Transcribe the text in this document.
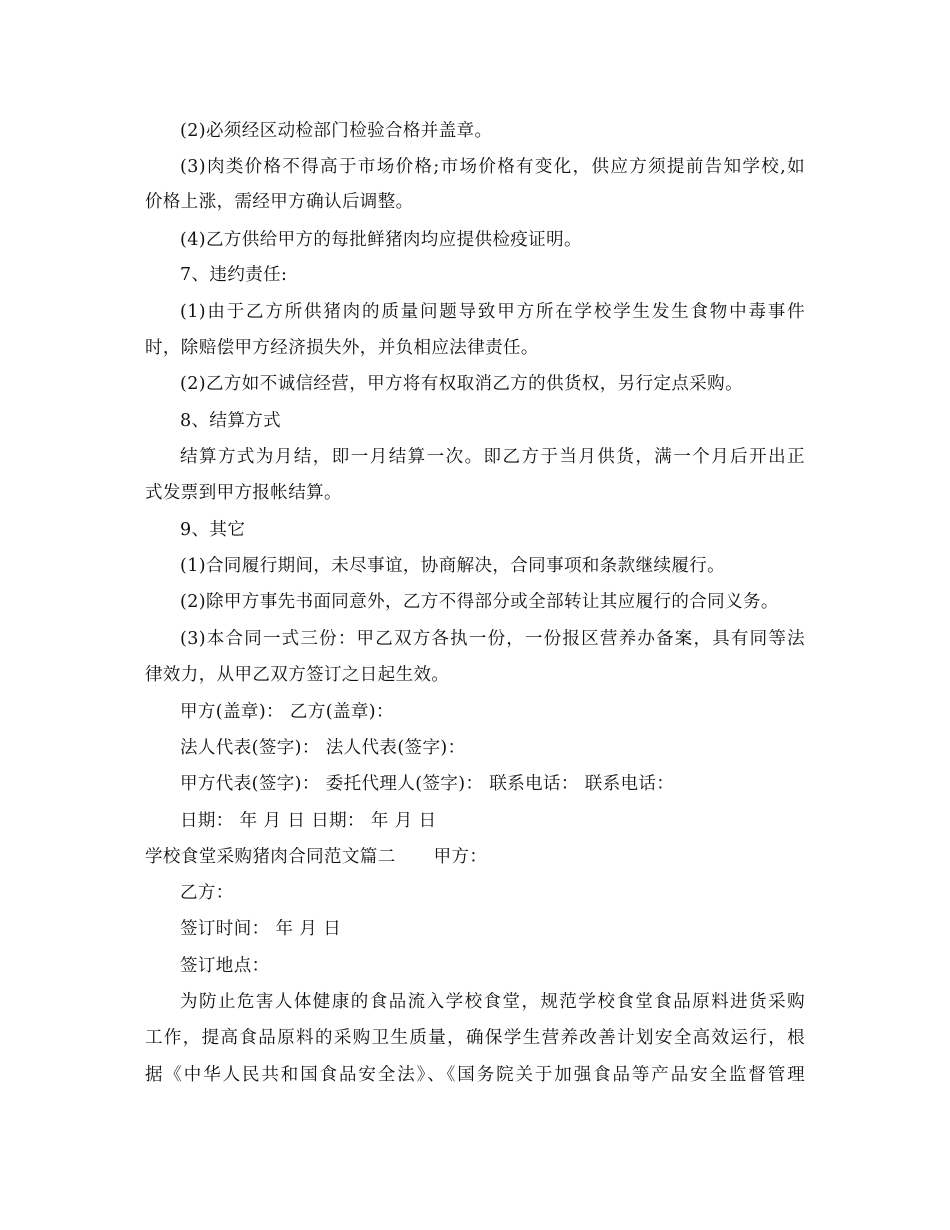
(2)必须经区动检部门检验合格并盖章。
(3)肉类价格不得高于市场价格;市场价格有变化，供应方须提前告知学校,如
价格上涨，需经甲方确认后调整。
(4)乙方供给甲方的每批鲜猪肉均应提供检疫证明。
7、违约责任:
(1)由于乙方所供猪肉的质量问题导致甲方所在学校学生发生食物中毒事件
时，除赔偿甲方经济损失外，并负相应法律责任。
(2)乙方如不诚信经营，甲方将有权取消乙方的供货权，另行定点采购。
8、结算方式
结算方式为月结，即一月结算一次。即乙方于当月供货，满一个月后开出正
式发票到甲方报帐结算。
9、其它
(1)合同履行期间，未尽事谊，协商解决，合同事项和条款继续履行。
(2)除甲方事先书面同意外，乙方不得部分或全部转让其应履行的合同义务。
(3)本合同一式三份：甲乙双方各执一份，一份报区营养办备案，具有同等法
律效力，从甲乙双方签订之日起生效。
甲方(盖章)： 乙方(盖章)：
法人代表(签字)： 法人代表(签字)：
甲方代表(签字)： 委托代理人(签字)： 联系电话： 联系电话：
日期： 年 月 日 日期： 年 月 日
学校食堂采购猪肉合同范文篇二 甲方：
乙方：
签订时间： 年 月 日
签订地点：
为防止危害人体健康的食品流入学校食堂，规范学校食堂食品原料进货采购
工作，提高食品原料的采购卫生质量，确保学生营养改善计划安全高效运行，根
据《中华人民共和国食品安全法》、《国务院关于加强食品等产品安全监督管理
